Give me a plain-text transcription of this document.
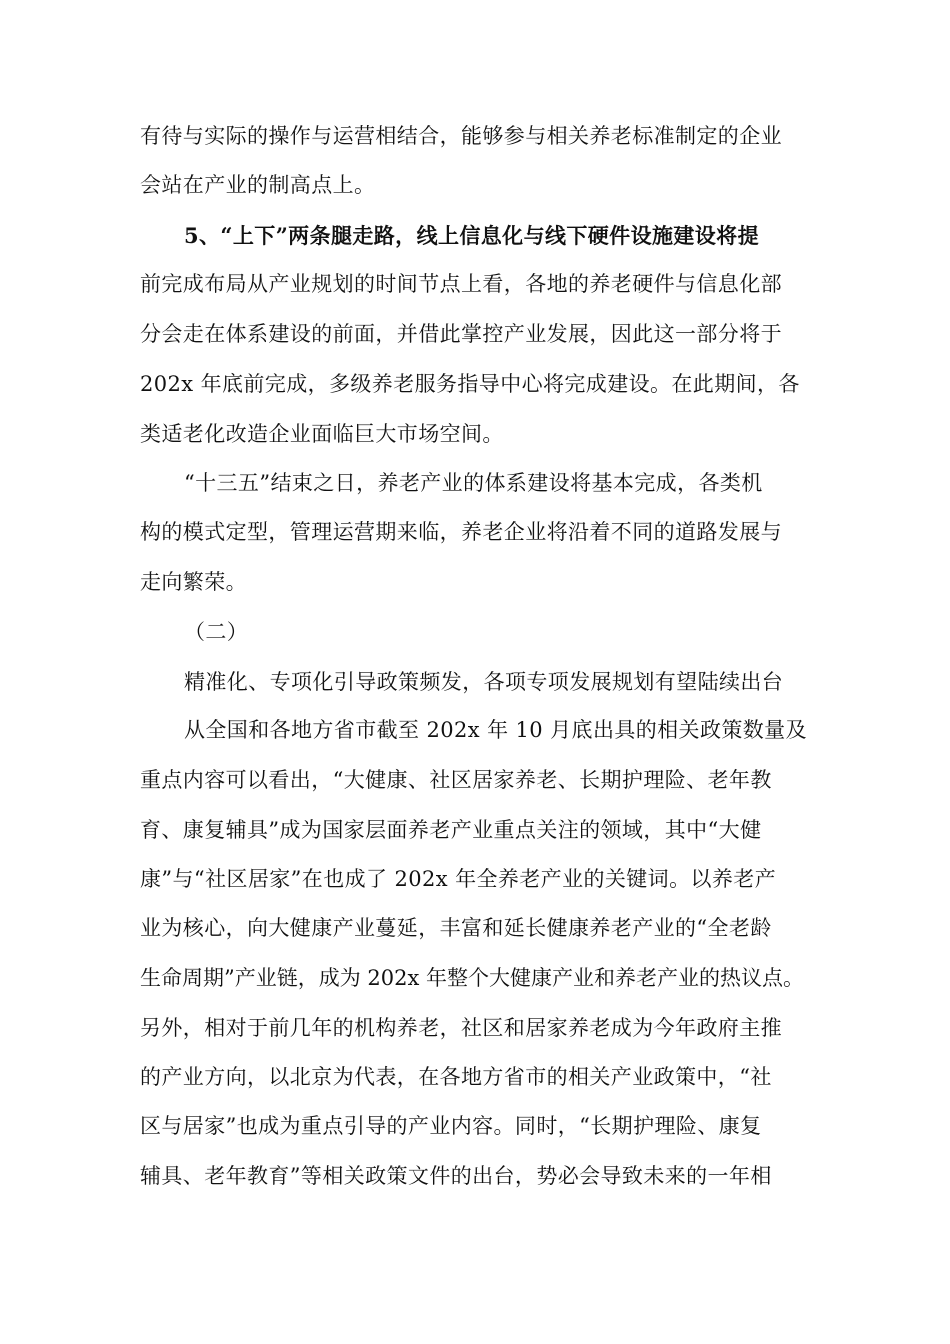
有待与实际的操作与运营相结合，能够参与相关养老标准制定的企业
会站在产业的制高点上。
5、“上下”两条腿走路，线上信息化与线下硬件设施建设将提
前完成布局从产业规划的时间节点上看，各地的养老硬件与信息化部
分会走在体系建设的前面，并借此掌控产业发展，因此这一部分将于
202x 年底前完成，多级养老服务指导中心将完成建设。在此期间，各
类适老化改造企业面临巨大市场空间。
“十三五”结束之日，养老产业的体系建设将基本完成，各类机
构的模式定型，管理运营期来临，养老企业将沿着不同的道路发展与
走向繁荣。
（二）
精准化、专项化引导政策频发，各项专项发展规划有望陆续出台
从全国和各地方省市截至 202x 年 10 月底出具的相关政策数量及
重点内容可以看出，“大健康、社区居家养老、长期护理险、老年教
育、康复辅具”成为国家层面养老产业重点关注的领域，其中“大健
康”与“社区居家”在也成了 202x 年全养老产业的关键词。以养老产
业为核心，向大健康产业蔓延，丰富和延长健康养老产业的“全老龄
生命周期”产业链，成为 202x 年整个大健康产业和养老产业的热议点。
另外，相对于前几年的机构养老，社区和居家养老成为今年政府主推
的产业方向，以北京为代表，在各地方省市的相关产业政策中，“社
区与居家”也成为重点引导的产业内容。同时，“长期护理险、康复
辅具、老年教育”等相关政策文件的出台，势必会导致未来的一年相
